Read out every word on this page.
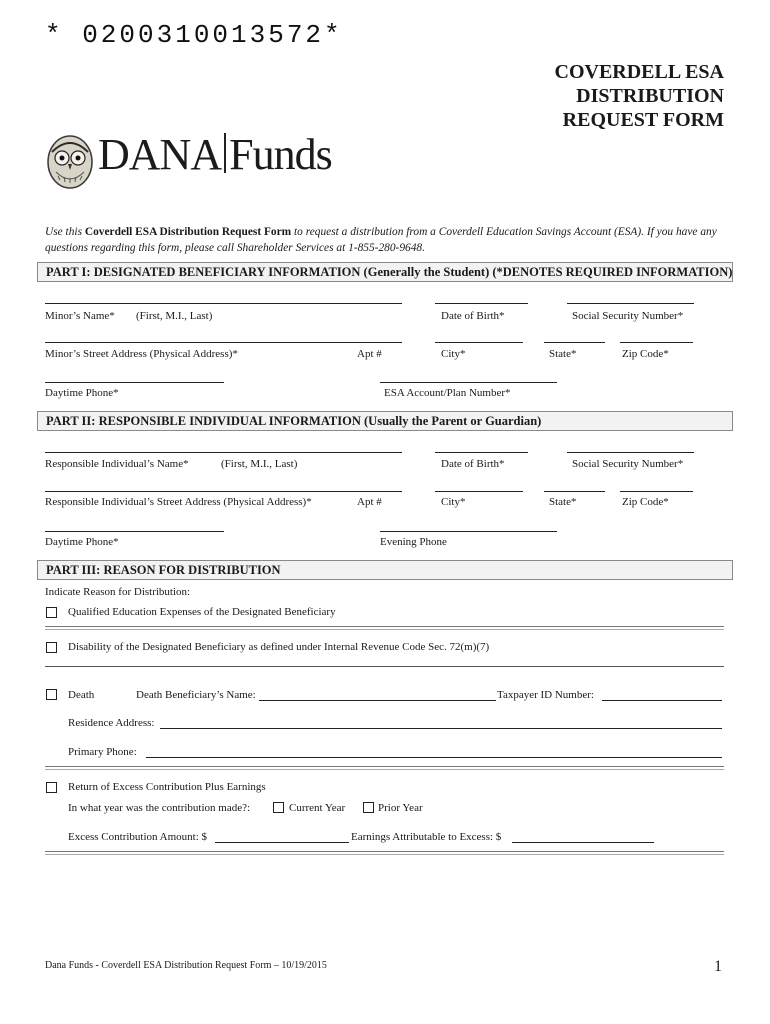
* 0200310013572*
COVERDELL ESA
DISTRIBUTION
REQUEST FORM
DANA Funds
Use this Coverdell ESA Distribution Request Form to request a distribution from a Coverdell Education Savings Account (ESA). If you have any questions regarding this form, please call Shareholder Services at 1-855-280-9648.
PART I: DESIGNATED BENEFICIARY INFORMATION (Generally the Student) (*DENOTES REQUIRED INFORMATION)
Minor’s Name* (First, M.I., Last)	Date of Birth*	Social Security Number*
Minor’s Street Address (Physical Address)*	Apt #	City*	State*	Zip Code*
Daytime Phone*	ESA Account/Plan Number*
PART II: RESPONSIBLE INDIVIDUAL INFORMATION (Usually the Parent or Guardian)
Responsible Individual’s Name*	(First, M.I., Last)	Date of Birth*	Social Security Number*
Responsible Individual’s Street Address (Physical Address)*	Apt #	City*	State*	Zip Code*
Daytime Phone*	Evening Phone
PART III: REASON FOR DISTRIBUTION
Indicate Reason for Distribution:
Qualified Education Expenses of the Designated Beneficiary
Disability of the Designated Beneficiary as defined under Internal Revenue Code Sec. 72(m)(7)
Death	Death Beneficiary’s Name:	Taxpayer ID Number:
Residence Address:
Primary Phone:
Return of Excess Contribution Plus Earnings
In what year was the contribution made?:	Current Year	Prior Year
Excess Contribution Amount: $	Earnings Attributable to Excess: $
Dana Funds - Coverdell ESA Distribution Request Form – 10/19/2015	1
